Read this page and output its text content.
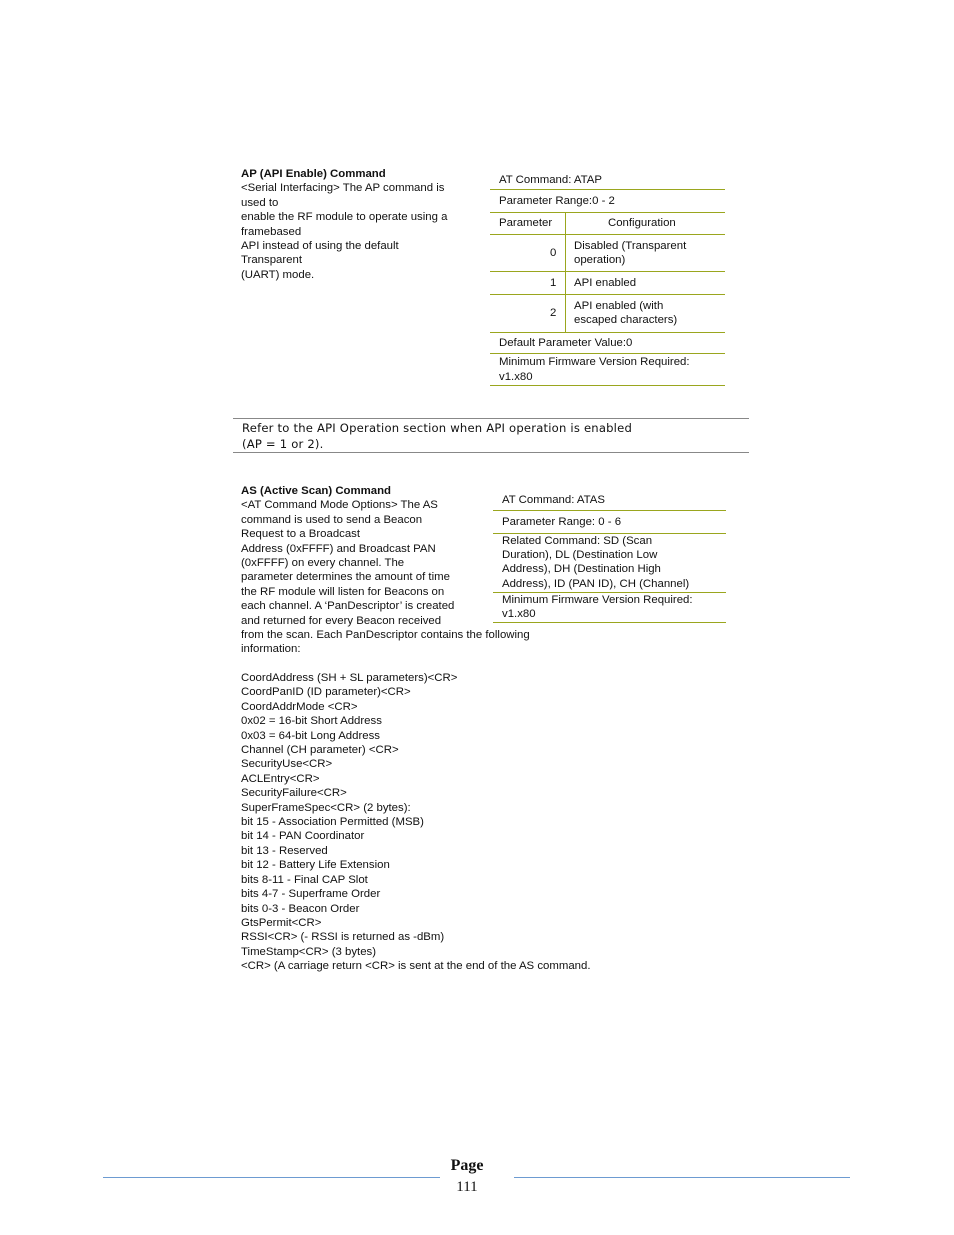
AP (API Enable) Command
<Serial Interfacing> The AP command is
used to
enable the RF module to operate using a
framebased
API instead of using the default
Transparent
(UART) mode.
AT Command: ATAP
Parameter Range:0 - 2
Parameter	Configuration
0
Disabled (Transparent
operation)
1 API enabled
2
API enabled (with
escaped characters)
Default Parameter Value:0
Minimum Firmware Version Required:
v1.x80
Refer to the API Operation section when API operation is enabled
(AP = 1 or 2).
AS (Active Scan) Command
<AT Command Mode Options> The AS
command is used to send a Beacon
Request to a Broadcast
Address (0xFFFF) and Broadcast PAN
(0xFFFF) on every channel. The
parameter determines the amount of time
the RF module will listen for Beacons on
each channel. A ‘PanDescriptor’ is created
and returned for every Beacon received
from the scan. Each PanDescriptor contains the following
information:
AT Command: ATAS
Parameter Range: 0 - 6
Related Command: SD (Scan
Duration), DL (Destination Low
Address), DH (Destination High
Address), ID (PAN ID), CH (Channel)
Minimum Firmware Version Required:
v1.x80
CoordAddress (SH + SL parameters)<CR>
CoordPanID (ID parameter)<CR>
CoordAddrMode <CR>
0x02 = 16-bit Short Address
0x03 = 64-bit Long Address
Channel (CH parameter) <CR>
SecurityUse<CR>
ACLEntry<CR>
SecurityFailure<CR>
SuperFrameSpec<CR> (2 bytes):
bit 15 - Association Permitted (MSB)
bit 14 - PAN Coordinator
bit 13 - Reserved
bit 12 - Battery Life Extension
bits 8-11 - Final CAP Slot
bits 4-7 - Superframe Order
bits 0-3 - Beacon Order
GtsPermit<CR>
RSSI<CR> (- RSSI is returned as -dBm)
TimeStamp<CR> (3 bytes)
<CR> (A carriage return <CR> is sent at the end of the AS command.
Page
111
